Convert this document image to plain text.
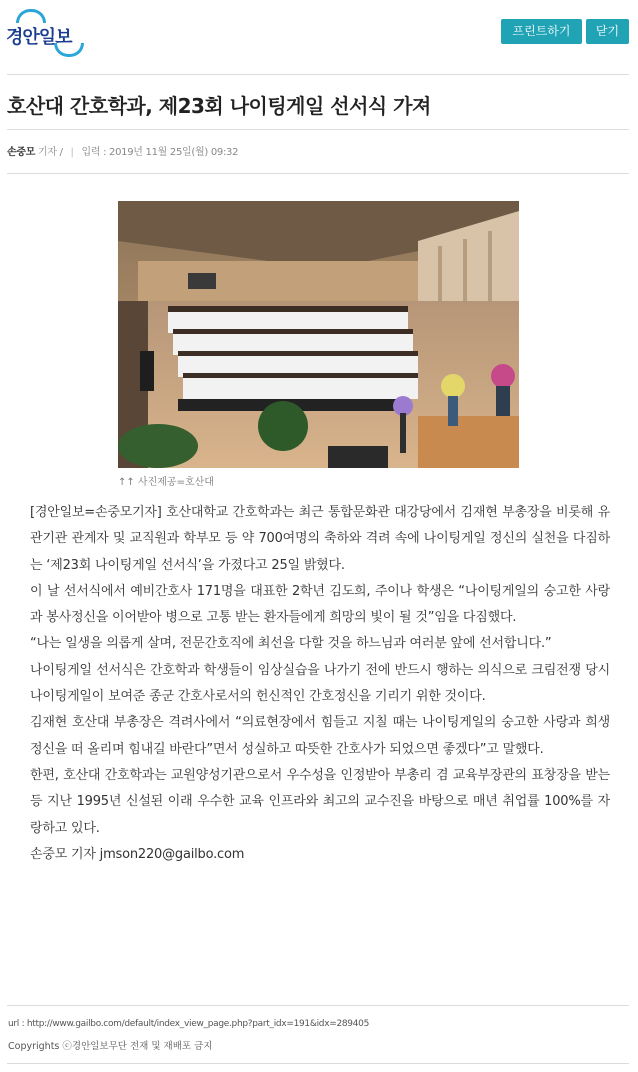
경안일보	프린트하기	닫기
호산대 간호학과, 제23회 나이팅게일 선서식 가져
손중모 기자 / | 입력 : 2019년 11월 25일(월) 09:32
↑↑ 사진제공=호산대

[경안일보=손중모기자] 호산대학교 간호학과는 최근 통합문화관 대강당에서 김재현 부총장을 비롯해 유관기관 관계자 및 교직원과 학부모 등 약 700여명의 축하와 격려 속에 나이팅게일 정신의 실천을 다짐하는 ‘제23회 나이팅게일 선서식’을 가졌다고 25일 밝혔다.

이 날 선서식에서 예비간호사 171명을 대표한 2학년 김도희, 주이나 학생은 “나이팅게일의 숭고한 사랑과 봉사정신을 이어받아 병으로 고통 받는 환자들에게 희망의 빛이 될 것”임을 다짐했다.

“나는 일생을 의롭게 살며, 전문간호직에 최선을 다할 것을 하느님과 여러분 앞에 선서합니다.”

나이팅게일 선서식은 간호학과 학생들이 임상실습을 나가기 전에 반드시 행하는 의식으로 크림전쟁 당시 나이팅게일이 보여준 종군 간호사로서의 헌신적인 간호정신을 기리기 위한 것이다.

김재현 호산대 부총장은 격려사에서 “의료현장에서 힘들고 지칠 때는 나이팅게일의 숭고한 사랑과 희생정신을 떠 올리며 힘내길 바란다”면서 성실하고 따뜻한 간호사가 되었으면 좋겠다”고 말했다.

한편, 호산대 간호학과는 교원양성기관으로서 우수성을 인정받아 부총리 겸 교육부장관의 표창장을 받는 등 지난 1995년 신설된 이래 우수한 교육 인프라와 최고의 교수진을 바탕으로 매년 취업률 100%를 자랑하고 있다.

손중모 기자 jmson220@gailbo.com

url : http://www.gailbo.com/default/index_view_page.php?part_idx=191&idx=289405
Copyrights ⓒ경안일보무단 전재 및 재배포 금지
